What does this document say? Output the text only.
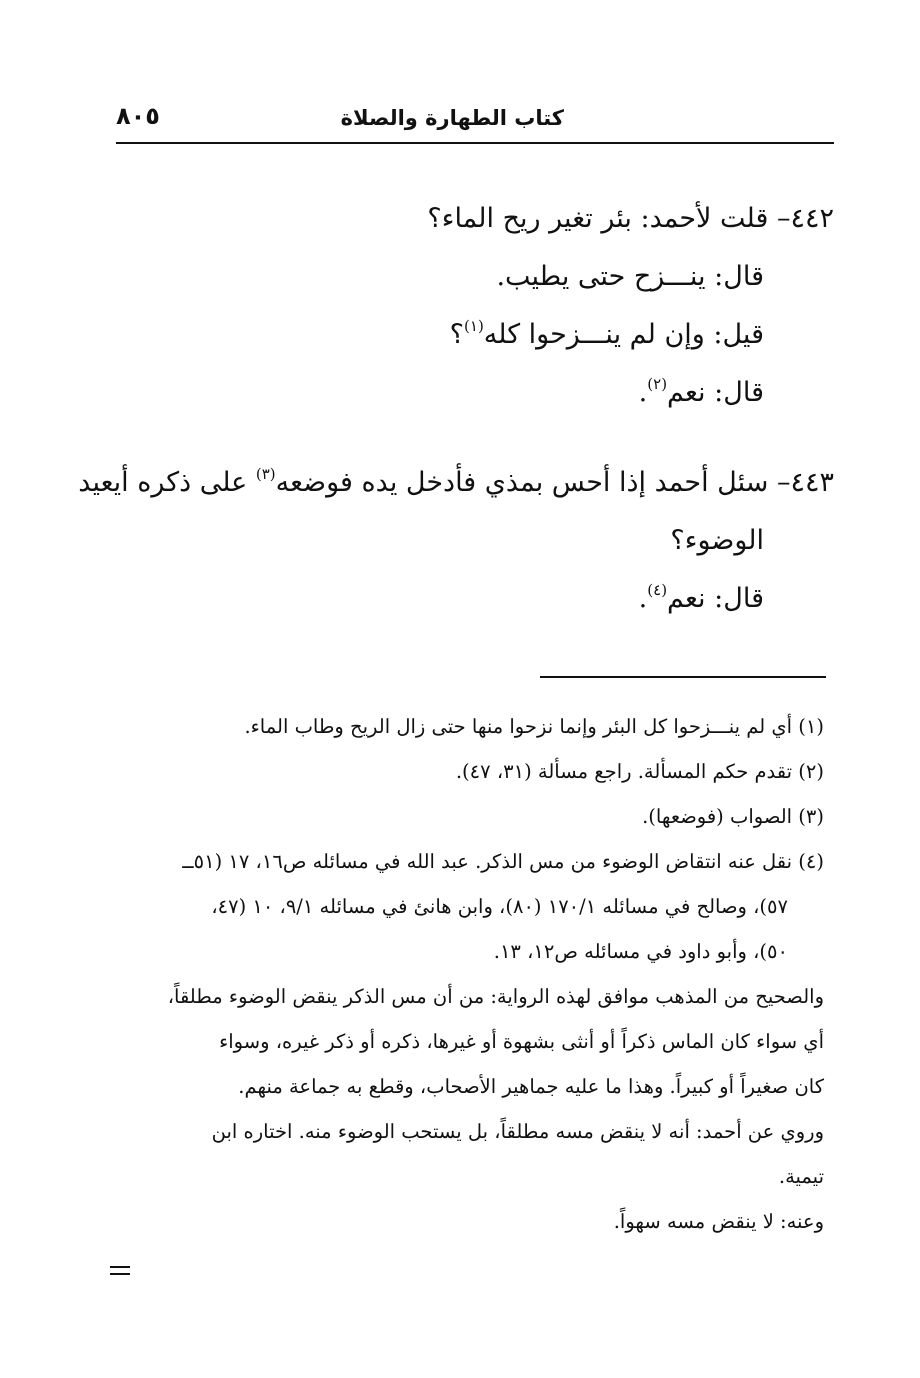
كتاب الطهارة والصلاة
٨٠٥
٤٤٢– قلت لأحمد: بئر تغير ريح الماء؟
قال: ينـــزح حتى يطيب.
قيل: وإن لم ينـــزحوا كله$^{(١)}$؟
قال: نعم$^{(٢)}$.
٤٤٣– سئل أحمد إذا أحس بمذي فأدخل يده فوضعه$^{(٣)}$ على ذكره أيعيد
الوضوء؟
قال: نعم$^{(٤)}$.
(١) أي لم ينـــزحوا كل البئر وإنما نزحوا منها حتى زال الريح وطاب الماء.
(٢) تقدم حكم المسألة. راجع مسألة (٣١، ٤٧).
(٣) الصواب (فوضعها).
(٤) نقل عنه انتقاض الوضوء من مس الذكر. عبد الله في مسائله ص١٦، ١٧ (٥١ــ
٥٧)، وصالح في مسائله ١٧٠/١ (٨٠)، وابن هانئ في مسائله ٩/١، ١٠ (٤٧،
٥٠)، وأبو داود في مسائله ص١٢، ١٣.
والصحيح من المذهب موافق لهذه الرواية: من أن مس الذكر ينقض الوضوء مطلقاً،
أي سواء كان الماس ذكراً أو أنثى بشهوة أو غيرها، ذكره أو ذكر غيره، وسواء
كان صغيراً أو كبيراً. وهذا ما عليه جماهير الأصحاب، وقطع به جماعة منهم.
وروي عن أحمد: أنه لا ينقض مسه مطلقاً، بل يستحب الوضوء منه. اختاره ابن
تيمية.
وعنه: لا ينقض مسه سهواً.
